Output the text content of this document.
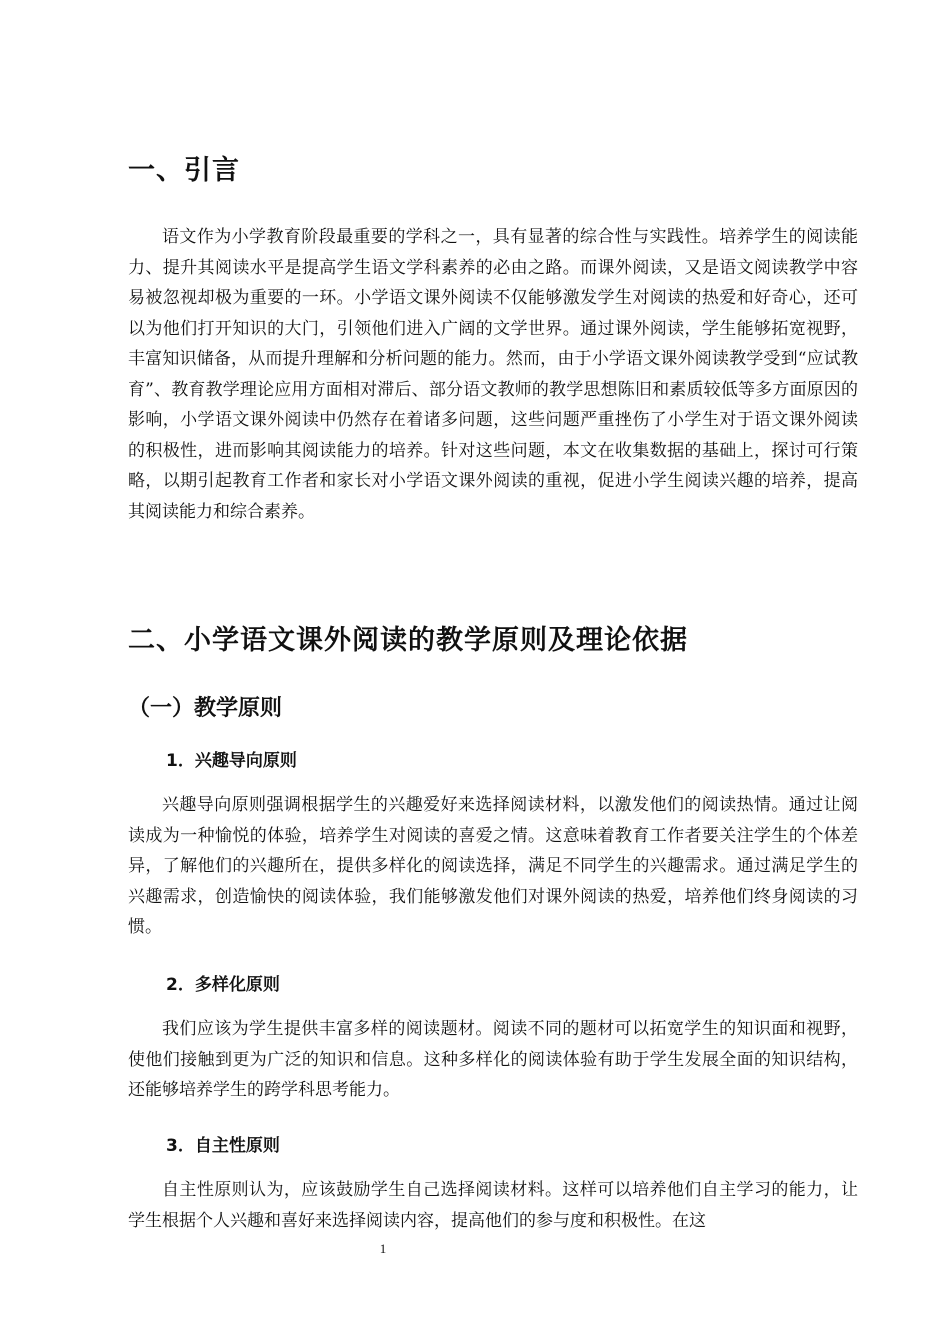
一、引言

语文作为小学教育阶段最重要的学科之一，具有显著的综合性与实践性。培养学生的阅读能力、提升其阅读水平是提高学生语文学科素养的必由之路。而课外阅读，又是语文阅读教学中容易被忽视却极为重要的一环。小学语文课外阅读不仅能够激发学生对阅读的热爱和好奇心，还可以为他们打开知识的大门，引领他们进入广阔的文学世界。通过课外阅读，学生能够拓宽视野，丰富知识储备，从而提升理解和分析问题的能力。然而，由于小学语文课外阅读教学受到“应试教育”、教育教学理论应用方面相对滞后、部分语文教师的教学思想陈旧和素质较低等多方面原因的影响，小学语文课外阅读中仍然存在着诸多问题，这些问题严重挫伤了小学生对于语文课外阅读的积极性，进而影响其阅读能力的培养。针对这些问题，本文在收集数据的基础上，探讨可行策略，以期引起教育工作者和家长对小学语文课外阅读的重视，促进小学生阅读兴趣的培养，提高其阅读能力和综合素养。

二、小学语文课外阅读的教学原则及理论依据
（一）教学原则
1．兴趣导向原则

兴趣导向原则强调根据学生的兴趣爱好来选择阅读材料，以激发他们的阅读热情。通过让阅读成为一种愉悦的体验，培养学生对阅读的喜爱之情。这意味着教育工作者要关注学生的个体差异，了解他们的兴趣所在，提供多样化的阅读选择，满足不同学生的兴趣需求。通过满足学生的兴趣需求，创造愉快的阅读体验，我们能够激发他们对课外阅读的热爱，培养他们终身阅读的习惯。

2．多样化原则

我们应该为学生提供丰富多样的阅读题材。阅读不同的题材可以拓宽学生的知识面和视野，使他们接触到更为广泛的知识和信息。这种多样化的阅读体验有助于学生发展全面的知识结构，还能够培养学生的跨学科思考能力。

3．自主性原则

自主性原则认为，应该鼓励学生自己选择阅读材料。这样可以培养他们自主学习的能力，让学生根据个人兴趣和喜好来选择阅读内容，提高他们的参与度和积极性。在这

1
